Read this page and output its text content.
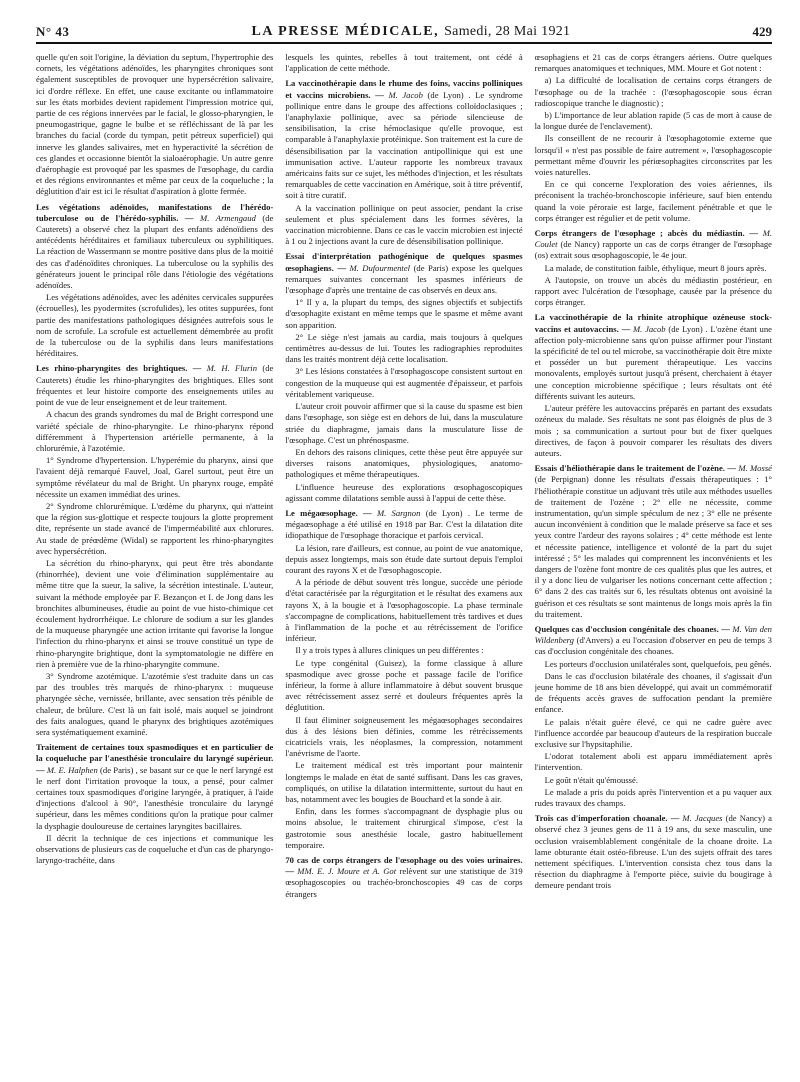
N° 43	LA PRESSE MÉDICALE, Samedi, 28 Mai 1921	429

quelle qu'en soit l'origine, la déviation du septum, l'hypertrophie des cornets, les végétations adénoïdes, les pharyngites chroniques sont également susceptibles de provoquer une hypersécrétion salivaire, ici d'ordre réflexe. En effet, une cause excitante ou inflammatoire sur les états morbides devient rapidement l'impression motrice qui, partie de ces régions innervées par le facial, le glosso-pharyngien, le pneumogastrique, gagne le bulbe et se réfléchissant de là par les branches du facial (corde du tympan, petit pétreux superficiel) qui innerve les glandes salivaires, met en hyperactivité la sécrétion de ces glandes et occasionne bientôt la sialoaérophagie. Un autre genre d'aérophagie est provoqué par les spasmes de l'œsophage, du cardia et des régions environnantes et même par ceux de la coqueluche ; la déglutition d'air est ici le résultat d'aspiration à glotte fermée.

Les végétations adénoïdes, manifestations de l'hérédo-tuberculose ou de l'hérédo-syphilis. — M. Armengaud (de Cauterets) a observé chez la plupart des enfants adénoïdiens des antécédents héréditaires et familiaux tuberculeux ou syphilitiques. La réaction de Wassermann se montre positive dans plus de la moitié des cas d'adénoïdites chroniques. La tuberculose ou la syphilis des générateurs jouent le principal rôle dans l'étiologie des végétations adénoïdes.

Les végétations adénoïdes, avec les adénites cervicales suppurées (écrouelles), les pyodermites (scrofulides), les otites suppurées, font partie des manifestations pathologiques désignées autrefois sous le nom de scrofule. La scrofule est actuellement démembrée au profit de la tuberculose ou de la syphilis dans leurs manifestations héréditaires.

Les rhino-pharyngites des brightiques. — M. H. Flurin (de Cauterets) étudie les rhino-pharyngites des brightiques. Elles sont fréquentes et leur histoire comporte des enseignements utiles au point de vue de leur enseignement et de leur traitement.

A chacun des grands syndromes du mal de Bright correspond une variété spéciale de rhino-pharyngite. Le rhino-pharynx répond différemment à l'hypertension artérielle permanente, à la chlorurémie, à l'azotémie.

1° Syndrome d'hypertension. L'hyperémie du pharynx, ainsi que l'avaient déjà remarqué Fauvel, Joal, Garel surtout, peut être un symptôme révélateur du mal de Bright. Un pharynx rouge, empâté nécessite un examen immédiat des urines.

2° Syndrome chlorurémique. L'œdème du pharynx, qui n'atteint que la région sus-glottique et respecte toujours la glotte proprement dite, représente un stade avancé de l'imperméabilité aux chlorures. Au stade de préœdème (Widal) se rapportent les rhino-pharyngites avec hypersécrétion.

La sécrétion du rhino-pharynx, qui peut être très abondante (rhinorrhée), devient une voie d'élimination supplémentaire au même titre que la sueur, la salive, la sécrétion intestinale. L'auteur, suivant la méthode employée par F. Bezançon et I. de Jong dans les bronchites albumineuses, étudie au point de vue histo-chimique cet écoulement hydrorrhéique. Le chlorure de sodium a sur les glandes de la muqueuse pharyngée une action irritante qui favorise la longue l'infection du rhino-pharynx et ainsi se trouve constitué un type de rhino-pharyngite brightique, dont la symptomatologie ne diffère en rien à première vue de la rhino-pharyngite commune.

3° Syndrome azotémique. L'azotémie s'est traduite dans un cas par des troubles très marqués de rhino-pharynx : muqueuse pharyngée sèche, vernissée, brillante, avec sensation très pénible de chaleur, de brûlure. C'est là un fait isolé, mais auquel se joindront des faits analogues, quand le pharynx des brightiques azotémiques sera systématiquement examiné.

Traitement de certaines toux spasmodiques et en particulier de la coqueluche par l'anesthésie tronculaire du laryngé supérieur. — M. E. Halphen (de Paris) , se basant sur ce que le nerf laryngé est le nerf dont l'irritation provoque la toux, a pensé, pour calmer certaines toux spasmodiques d'origine laryngée, à pratiquer, à l'aide d'injections d'alcool à 90°, l'anesthésie tronculaire du laryngé supérieur, dans les mêmes conditions qu'on la pratique pour calmer la dysphagie douloureuse de certaines laryngites bacillaires.

Il décrit la technique de ces injections et communique les observations de plusieurs cas de coqueluche et d'un cas de pharyngo-laryngo-trachéite, dans

lesquels les quintes, rebelles à tout traitement, ont cédé à l'application de cette méthode.

La vaccinothérapie dans le rhume des foins, vaccins polliniques et vaccins microbiens. — M. Jacob (de Lyon) . Le syndrome pollinique entre dans le groupe des affections colloïdoclasiques ; l'anaphylaxie pollinique, avec sa période silencieuse de sensibilisation, la crise hémoclasique qu'elle provoque, est comparable à l'anaphylaxie protéinique. Son traitement est la cure de désensibilisation par la vaccination antipollinique qui est une immunisation active. L'auteur rapporte les nombreux travaux américains faits sur ce sujet, les méthodes d'injection, et les résultats remarquables de cette vaccination en Amérique, soit à titre préventif, soit à titre curatif.

A la vaccination pollinique on peut associer, pendant la crise seulement et plus spécialement dans les formes sévères, la vaccination microbienne. Dans ce cas le vaccin microbien est injecté à 1 ou 2 injections avant la cure de désensibilisation pollinique.

Essai d'interprétation pathogénique de quelques spasmes œsophagiens. — M. Dufourmentel (de Paris) expose les quelques remarques suivantes concernant les spasmes inférieurs de l'œsophage d'après une trentaine de cas observés en deux ans.

1° Il y a, la plupart du temps, des signes objectifs et subjectifs d'œsophagite existant en même temps que le spasme et même avant son apparition.

2° Le siège n'est jamais au cardia, mais toujours à quelques centimètres au-dessus de lui. Toutes les radiographies reproduites dans les traités montrent déjà cette localisation.

3° Les lésions constatées à l'œsophagoscope consistent surtout en congestion de la muqueuse qui est augmentée d'épaisseur, et parfois véritablement variqueuse.

L'auteur croit pouvoir affirmer que si la cause du spasme est bien dans l'œsophage, son siège est en dehors de lui, dans la musculature striée du diaphragme, jamais dans la musculature lisse de l'œsophage. C'est un phrénospasme.

En dehors des raisons cliniques, cette thèse peut être appuyée sur diverses raisons anatomiques, physiologiques, anatomo-pathologiques et même thérapeutiques.

L'influence heureuse des explorations œsophagoscopiques agissant comme dilatations semble aussi à l'appui de cette thèse.

Le mégaœsophage. — M. Sargnon (de Lyon) . Le terme de mégaœsophage a été utilisé en 1918 par Bar. C'est la dilatation dite idiopathique de l'œsophage thoracique et parfois cervical.

La lésion, rare d'ailleurs, est connue, au point de vue anatomique, depuis assez longtemps, mais son étude date surtout depuis l'emploi courant des rayons X et de l'œsophagoscopie.

A la période de début souvent très longue, succède une période d'état caractérisée par la régurgitation et le résultat des examens aux rayons X, à la bougie et à l'œsophagoscopie. La phase terminale s'accompagne de complications, habituellement très tardives et dues à l'inflammation de la poche et au rétrécissement de l'orifice inférieur.

Il y a trois types à allures cliniques un peu différentes :

Le type congénital (Guisez), la forme classique à allure spasmodique avec grosse poche et passage facile de l'orifice inférieur, la forme à allure inflammatoire à début souvent brusque avec rétrécissement assez serré et douleurs fréquentes après la déglutition.

Il faut éliminer soigneusement les mégaœsophages secondaires dus à des lésions bien définies, comme les rétrécissements cicatriciels vrais, les néoplasmes, la compression, notamment l'anévrisme de l'aorte.

Le traitement médical est très important pour maintenir longtemps le malade en état de santé suffisant. Dans les cas graves, compliqués, on utilise la dilatation intermittente, surtout du haut en bas, notamment avec les bougies de Bouchard et la sonde à air.

Enfin, dans les formes s'accompagnant de dysphagie plus ou moins absolue, le traitement chirurgical s'impose, c'est la gastrotomie sous anesthésie locale, gastro habituellement temporaire.

70 cas de corps étrangers de l'œsophage ou des voies urinaires. — MM. E. J. Moure et A. Got relèvent sur une statistique de 319 œsophagoscopies ou trachéo-bronchoscopies 49 cas de corps étrangers

œsophagiens et 21 cas de corps étrangers aériens. Outre quelques remarques anatomiques et techniques, MM. Moure et Got notent :

a) La difficulté de localisation de certains corps étrangers de l'œsophage ou de la trachée : (l'œsophagoscopie sous écran radioscopique tranche le diagnostic) ;

b) L'importance de leur ablation rapide (5 cas de mort à cause de la longue durée de l'enclavement).

Ils conseillent de ne recourir à l'œsophagotomie externe que lorsqu'il « n'est pas possible de faire autrement », l'œsophagoscopie permettant même d'ouvrir les périœsophagites circonscrites par les voies naturelles.

En ce qui concerne l'exploration des voies aériennes, ils préconisent la trachéo-bronchoscopie inférieure, sauf bien entendu quand la voie péroraie est large, facilement pénétrable et que le corps étranger est régulier et de petit volume.

Corps étrangers de l'œsophage ; abcès du médiastin. — M. Coulet (de Nancy) rapporte un cas de corps étranger de l'œsophage (os) extrait sous œsophagoscopie, le 4e jour.

La malade, de constitution faible, éthylique, meurt 8 jours après.

A l'autopsie, on trouve un abcès du médiastin postérieur, en rapport avec l'ulcération de l'œsophage, causée par la présence du corps étranger.

La vaccinothérapie de la rhinite atrophique ozéneuse stock-vaccins et autovaccins. — M. Jacob (de Lyon) . L'ozène étant une affection poly-microbienne sans qu'on puisse affirmer pour l'instant la spécificité de tel ou tel microbe, sa vaccinothérapie doit être mixte et posséder un but purement thérapeutique. Les vaccins monovalents, employés surtout jusqu'à présent, cherchaient à étayer une conception microbienne spécifique ; leurs résultats ont été différents suivant les auteurs.

L'auteur préfère les autovaccins préparés en partant des exsudats ozéneux du malade. Ses résultats ne sont pas éloignés de plus de 3 mois ; sa communication a surtout pour but de fixer quelques directives, de façon à pouvoir comparer les résultats des divers auteurs.

Essais d'héliothérapie dans le traitement de l'ozène. — M. Mossé (de Perpignan) donne les résultats d'essais thérapeutiques : 1° l'héliothérapie constitue un adjuvant très utile aux méthodes usuelles de traitement de l'ozène ; 2° elle ne nécessite, comme instrumentation, qu'un simple spéculum de nez ; 3° elle ne présente aucun inconvénient à condition que le malade préserve sa face et ses yeux contre l'ardeur des rayons solaires ; 4° cette méthode est lente et nécessite patience, intelligence et volonté de la part du sujet intéressé ; 5° les malades qui comprennent les inconvénients et les dangers de l'ozène font montre de ces qualités plus que les autres, et il y a donc lieu de vulgariser les notions concernant cette affection ; 6° dans 2 des cas traités sur 6, les résultats obtenus ont avoisiné la guérison et ces résultats se sont maintenus de longs mois après la fin du traitement.

Quelques cas d'occlusion congénitale des choanes. — M. Van den Wildenberg (d'Anvers) a eu l'occasion d'observer en peu de temps 3 cas d'occlusion congénitale des choanes.

Les porteurs d'occlusion unilatérales sont, quelquefois, peu gênés.

Dans le cas d'occlusion bilatérale des choanes, il s'agissait d'un jeune homme de 18 ans bien développé, qui avait un commémoratif de fréquents accès graves de suffocation pendant la première enfance.

Le palais n'était guère élevé, ce qui ne cadre guère avec l'influence accordée par beaucoup d'auteurs de la respiration buccale exclusive sur l'hypsitaphilie.

L'odorat totalement aboli est apparu immédiatement après l'intervention.

Le goût n'était qu'émoussé.

Le malade a pris du poids après l'intervention et a pu vaquer aux rudes travaux des champs.

Trois cas d'imperforation choanale. — M. Jacques (de Nancy) a observé chez 3 jeunes gens de 11 à 19 ans, du sexe masculin, une occlusion vraisemblablement congénitale de la choane droite. La lame obturante était ostéo-fibreuse. L'un des sujets offrait des tares nettement spécifiques. L'intervention consista chez tous dans la résection du diaphragme à l'emporte pièce, suivie du bougirage à demeure pendant trois
